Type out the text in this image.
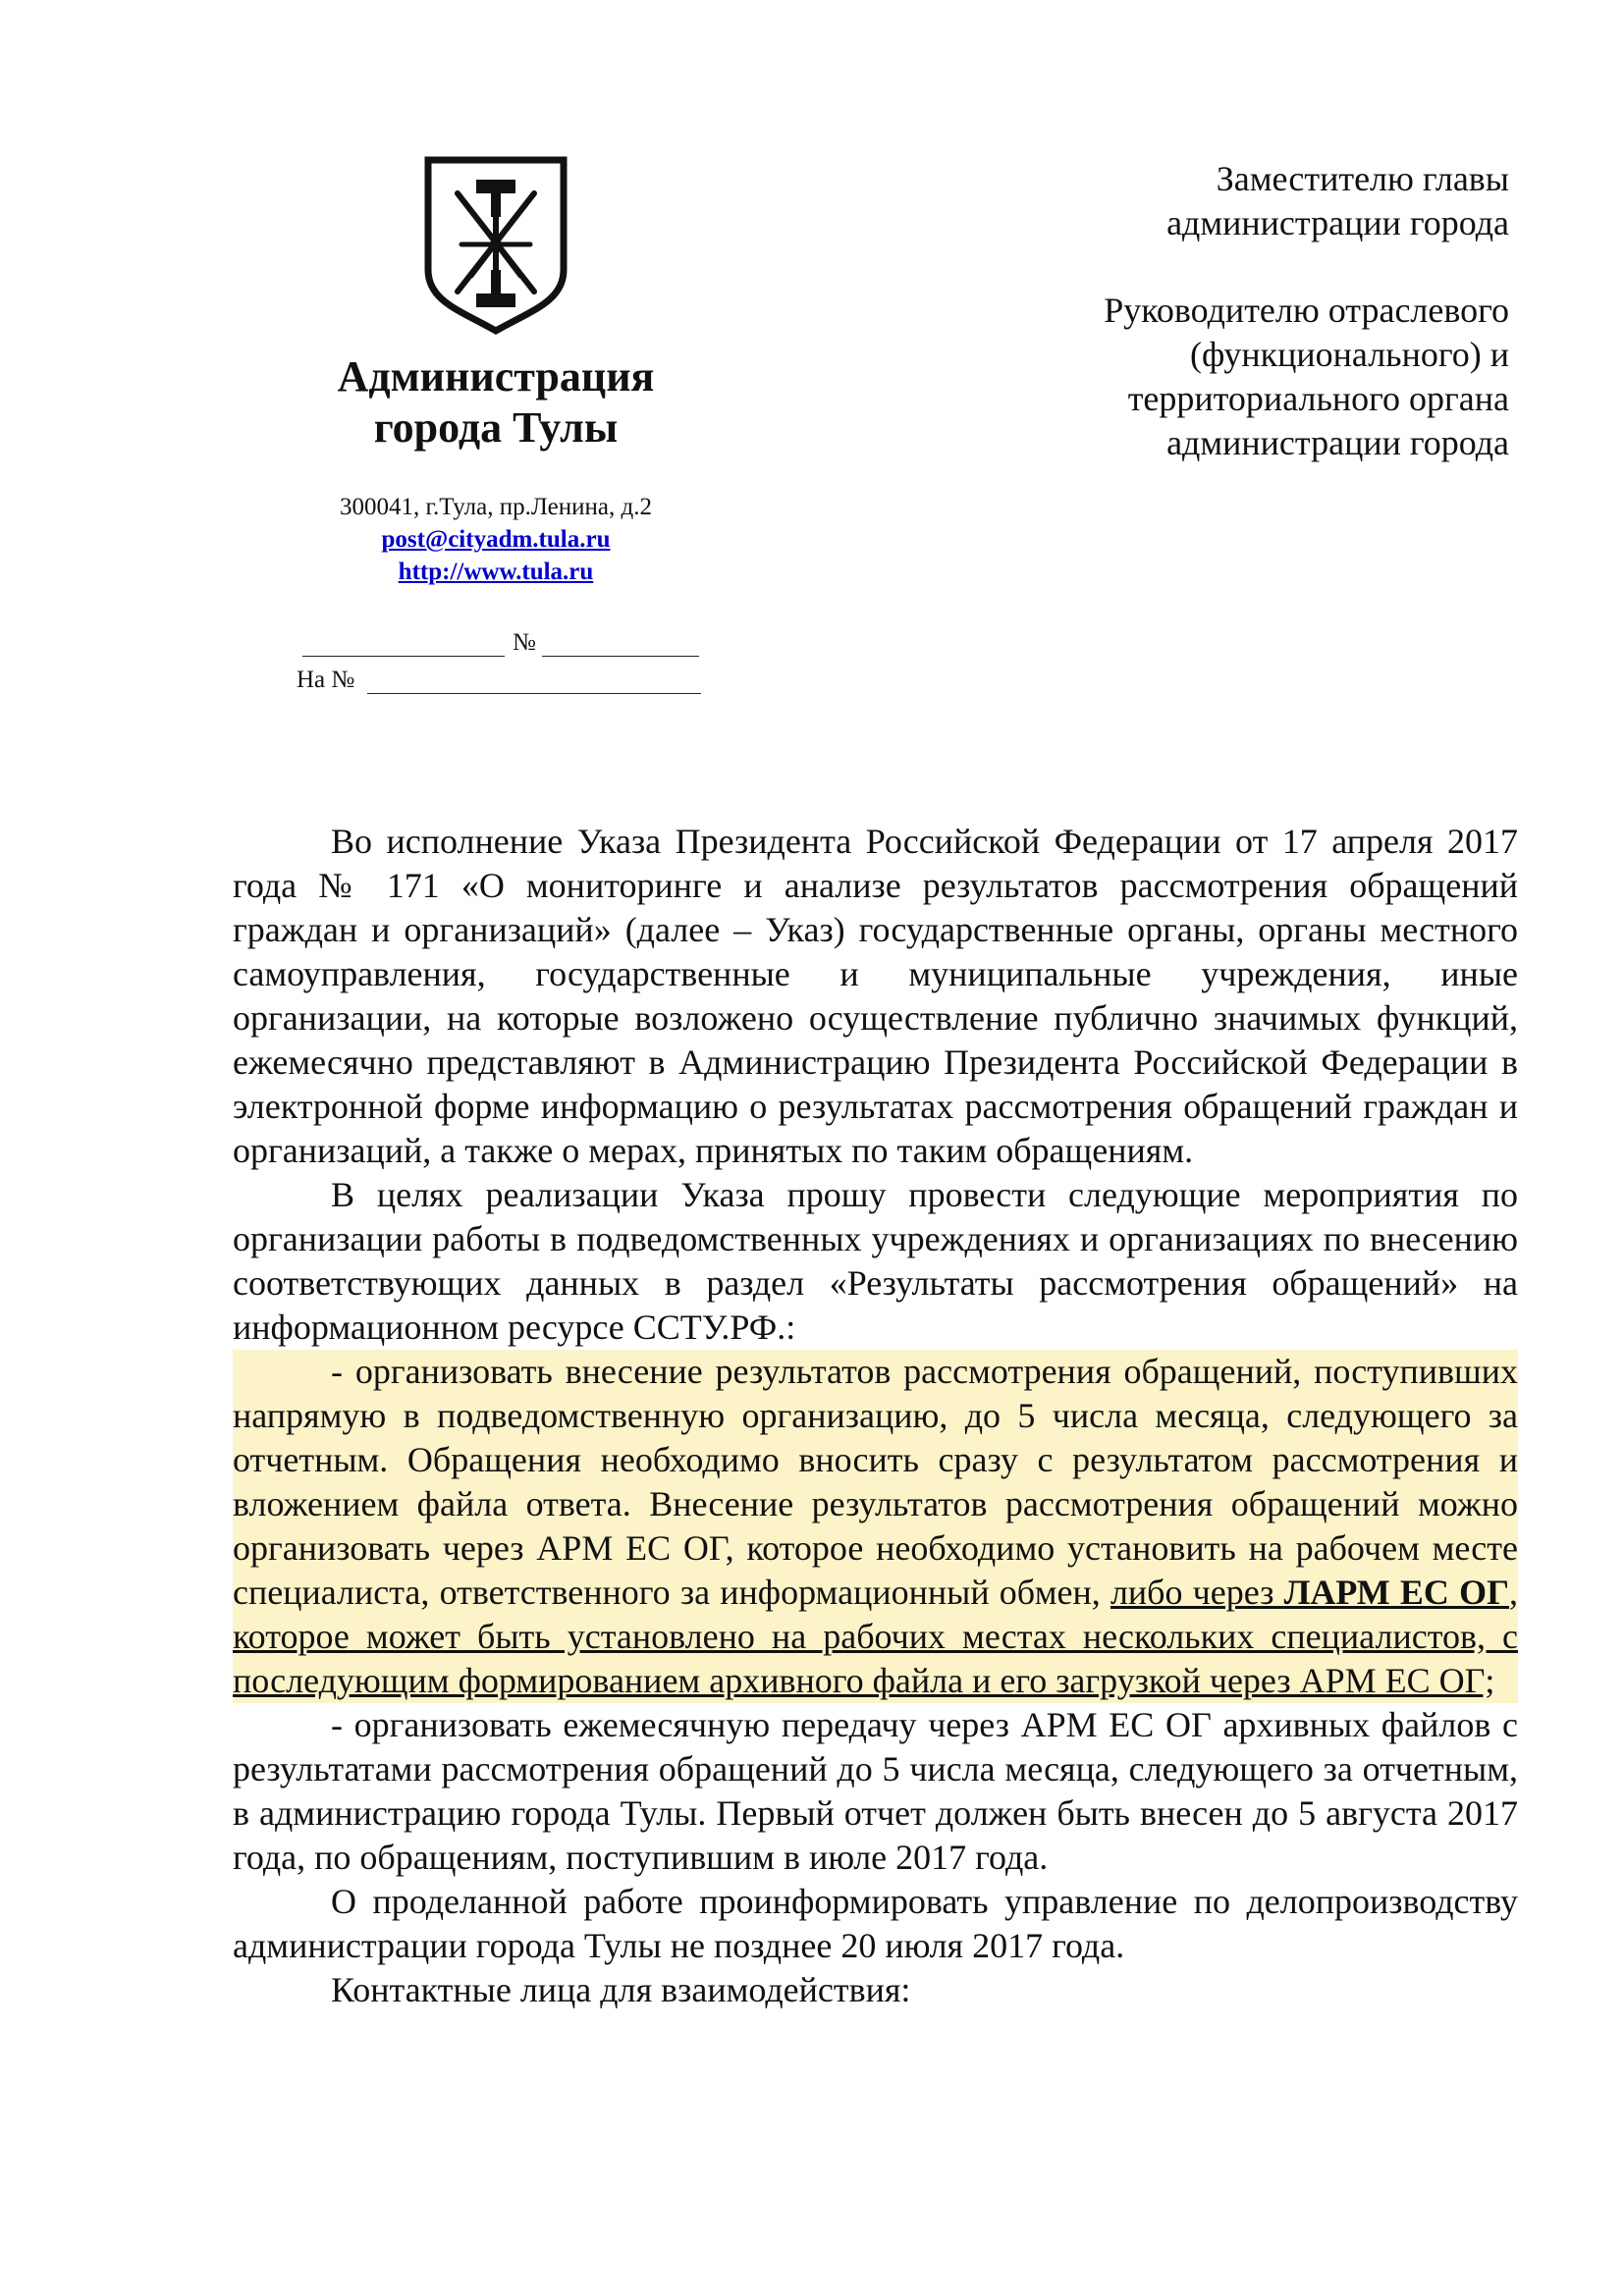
Администрация
города Тулы
300041, г.Тула, пр.Ленина, д.2
post@cityadm.tula.ru
http://www.tula.ru
№
На №

Заместителю главы

администрации города

Руководителю отраслевого

(функционального) и

территориального органа

администрации города

Во исполнение Указа Президента Российской Федерации от 17 апреля 2017 года № 171 «О мониторинге и анализе результатов рассмотрения обращений граждан и организаций» (далее – Указ) государственные органы, органы местного самоуправления, государственные и муниципальные учреждения, иные организации, на которые возложено осуществление публично значимых функций, ежемесячно представляют в Администрацию Президента Российской Федерации в электронной форме информацию о результатах рассмотрения обращений граждан и организаций, а также о мерах, принятых по таким обращениям.

В целях реализации Указа прошу провести следующие мероприятия по организации работы в подведомственных учреждениях и организациях по внесению соответствующих данных в раздел «Результаты рассмотрения обращений» на информационном ресурсе ССТУ.РФ.:

- организовать внесение результатов рассмотрения обращений, поступивших напрямую в подведомственную организацию, до 5 числа месяца, следующего за отчетным. Обращения необходимо вносить сразу с результатом рассмотрения и вложением файла ответа. Внесение результатов рассмотрения обращений можно организовать через АРМ ЕС ОГ, которое необходимо установить на рабочем месте специалиста, ответственного за информационный обмен, либо через ЛАРМ ЕС ОГ, которое может быть установлено на рабочих местах нескольких специалистов, с последующим формированием архивного файла и его загрузкой через АРМ ЕС ОГ;

- организовать ежемесячную передачу через АРМ ЕС ОГ архивных файлов с результатами рассмотрения обращений до 5 числа месяца, следующего за отчетным, в администрацию города Тулы. Первый отчет должен быть внесен до 5 августа 2017 года, по обращениям, поступившим в июле 2017 года.

О проделанной работе проинформировать управление по делопроизводству администрации города Тулы не позднее 20 июля 2017 года.

Контактные лица для взаимодействия:
